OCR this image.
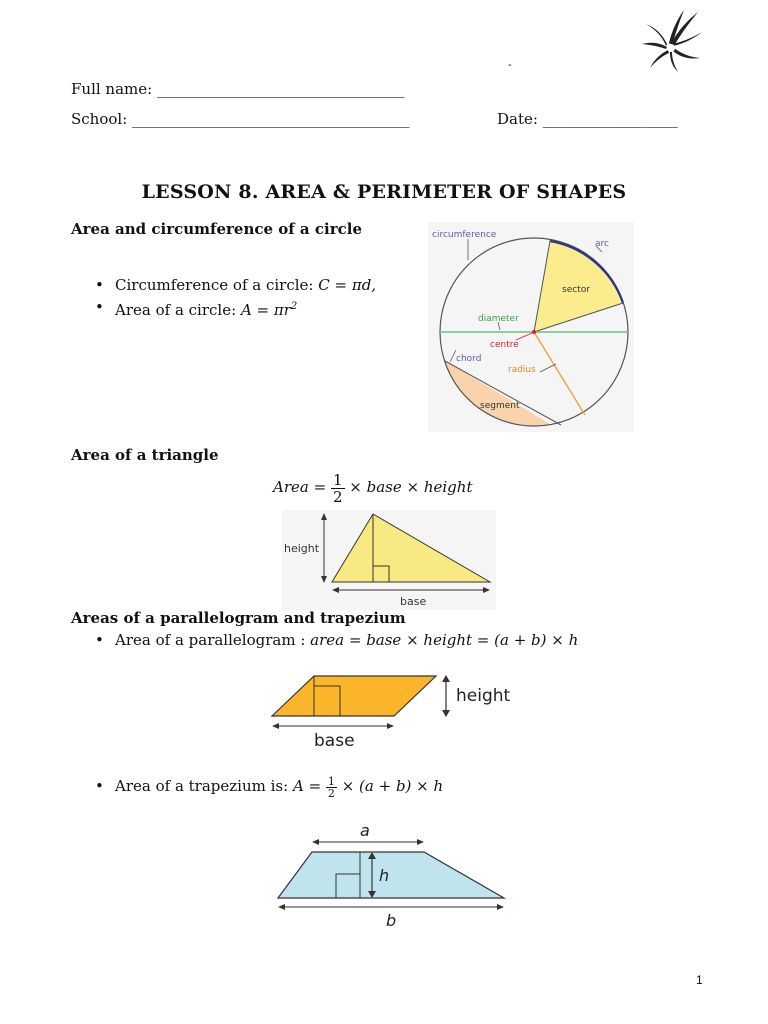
-
Full name: _________________________________
School: _____________________________________	Date: __________________
LESSON 8. AREA & PERIMETER OF SHAPES
Area and circumference of a circle
• Circumference of a circle: C = πd,
• Area of a circle: $A = \pi r^2$
circumference
arc
sector
diameter
centre
chord
radius
segment
Area of a triangle
Area = $\frac{1}{2}$ × base × height
height
base
Areas of a parallelogram and trapezium
• Area of a parallelogram : area = base × height = (a + b) × h
height
base
• Area of a trapezium is: $A = \frac{1}{2} \times (a + b) \times h$
a
h
b
1
